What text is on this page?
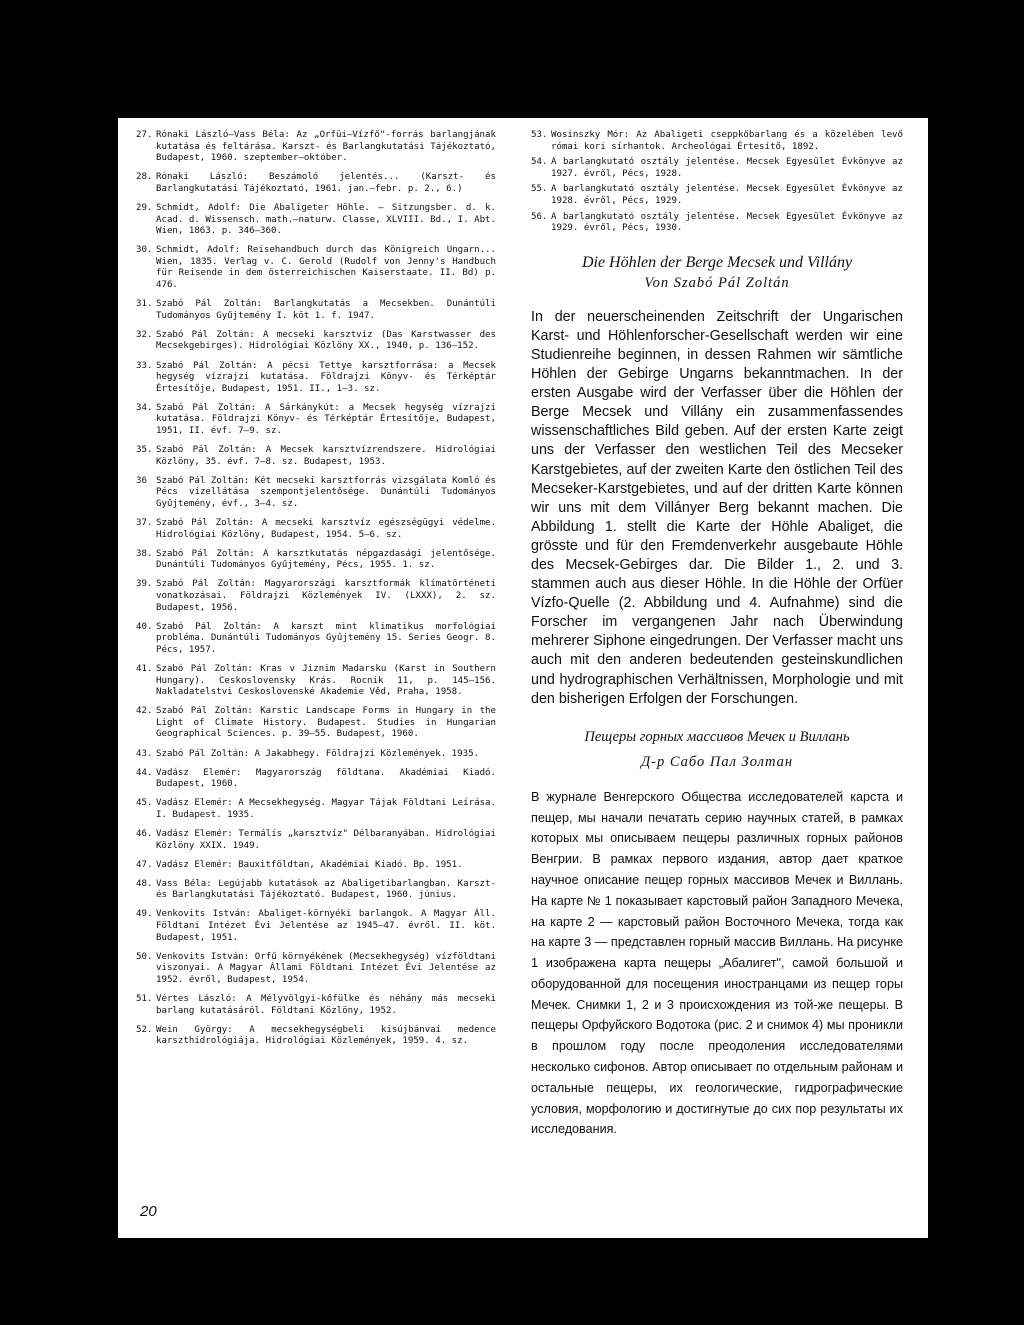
27. Rónaki László–Vass Béla: Az „Orfüi–Vízfő"-forrás barlangjának kutatása és feltárása. Karszt- és Barlangkutatási Tájékoztató, Budapest, 1960. szeptember–október.
28. Rónaki László: Beszámoló jelentés... (Karszt- és Barlangkutatási Tájékoztató, 1961. jan.–febr. p. 2., 6.)
29. Schmidt, Adolf: Die Abaligeter Höhle. – Sitzungsber. d. k. Acad. d. Wissensch. math.–naturw. Classe, XLVIII. Bd., I. Abt. Wien, 1863. p. 346–360.
30. Schmidt, Adolf: Reisehandbuch durch das Königreich Ungarn... Wien, 1835. Verlag v. C. Gerold (Rudolf von Jenny's Handbuch für Reisende in dem österreichischen Kaiserstaate. II. Bd) p. 476.
31. Szabó Pál Zoltán: Barlangkutatás a Mecsekben. Dunántúli Tudományos Gyűjtemény I. köt 1. f. 1947.
32. Szabó Pál Zoltán: A mecseki karsztvíz (Das Karstwasser des Mecsekgebirges). Hidrológiai Közlöny XX., 1940, p. 136–152.
33. Szabó Pál Zoltán: A pécsi Tettye karsztforrása: a Mecsek hegység vízrajzi kutatása. Földrajzi Könyv- és Térképtár Értesítője, Budapest, 1951. II., 1–3. sz.
34. Szabó Pál Zoltán: A Sárkánykút: a Mecsek hegység vízrajzi kutatása. Földrajzi Könyv- és Térképtár Értesítője, Budapest, 1951, II. évf. 7–9. sz.
35. Szabó Pál Zoltán: A Mecsek karsztvízrendszere. Hidrológiai Közlöny, 35. évf. 7–8. sz. Budapest, 1953.
36 Szabó Pál Zoltán: Két mecseki karsztforrás vizsgálata Komló és Pécs vízellátása szempontjelentősége. Dunántúli Tudományos Gyűjtemény, évf., 3–4. sz.
37. Szabó Pál Zoltán: A mecseki karsztvíz egészségügyi védelme. Hidrológiai Közlöny, Budapest, 1954. 5–6. sz.
38. Szabó Pál Zoltán: A karsztkutatás népgazdasági jelentősége. Dunántúli Tudományos Gyűjtemény, Pécs, 1955. 1. sz.
39. Szabó Pál Zoltán: Magyarországi karsztformák klímatörténeti vonatkozásai. Földrajzi Közlemények IV. (LXXX), 2. sz. Budapest, 1956.
40. Szabó Pál Zoltán: A karszt mint klimatikus morfológiai probléma. Dunántúli Tudományos Gyűjtemény 15. Series Geogr. 8. Pécs, 1957.
41. Szabó Pál Zoltán: Kras v Jiznim Madarsku (Karst in Southern Hungary). Ceskoslovensky Krás. Rocnik 11, p. 145–156. Nakladatelstvi Ceskoslovenské Akademie Věd, Praha, 1958.
42. Szabó Pál Zoltán: Karstic Landscape Forms in Hungary in the Light of Climate History. Budapest. Studies in Hungarian Geographical Sciences. p. 39–55. Budapest, 1960.
43. Szabó Pál Zoltán: A Jakabhegy. Földrajzi Közlemények. 1935.
44. Vadász Elemér: Magyarország földtana. Akadémiai Kiadó. Budapest, 1960.
45. Vadász Elemér: A Mecsekhegység. Magyar Tájak Földtani Leírása. I. Budapest. 1935.
46. Vadász Elemér: Termális „karsztvíz" Délbaranyában. Hidrológiai Közlöny XXIX. 1949.
47. Vadász Elemér: Bauxitföldtan, Akadémiai Kiadó. Bp. 1951.
48. Vass Béla: Legújabb kutatások az Abaligetibarlangban. Karszt- és Barlangkutatási Tájékoztató. Budapest, 1960. június.
49. Venkovits István: Abaliget-környéki barlangok. A Magyar Áll. Földtani Intézet Évi Jelentése az 1945–47. évről. II. köt. Budapest, 1951.
50. Venkovits István: Orfű környékének (Mecsekhegység) vízföldtani viszonyai. A Magyar Állami Földtani Intézet Évi Jelentése az 1952. évről, Budapest, 1954.
51. Vértes László: A Mélyvölgyi-kőfülke és néhány más mecseki barlang kutatásáról. Földtani Közlöny, 1952.
52. Wein György: A mecsekhegységbeli kisújbánvai medence karszthidrológiája. Hidrológiai Közlemények, 1959. 4. sz.
53. Wosinszky Mór: Az Abaligeti cseppkőbarlang és a közelében levő római kori sírhantok. Archeológai Értesítő, 1892.
54. A barlangkutató osztály jelentése. Mecsek Egyesület Évkönyve az 1927. évről, Pécs, 1928.
55. A barlangkutató osztály jelentése. Mecsek Egyesület Évkönyve az 1928. évről, Pécs, 1929.
56. A barlangkutató osztály jelentése. Mecsek Egyesület Évkönyve az 1929. évről, Pécs, 1930.
Die Höhlen der Berge Mecsek und Villány
Von Szabó Pál Zoltán
In der neuerscheinenden Zeitschrift der Ungarischen Karst- und Höhlenforscher-Gesellschaft werden wir eine Studienreihe beginnen, in dessen Rahmen wir sämtliche Höhlen der Gebirge Ungarns bekanntmachen. In der ersten Ausgabe wird der Verfasser über die Höhlen der Berge Mecsek und Villány ein zusammenfassendes wissenschaftliches Bild geben. Auf der ersten Karte zeigt uns der Verfasser den westlichen Teil des Mecseker Karstgebietes, auf der zweiten Karte den östlichen Teil des Mecseker-Karstgebietes, und auf der dritten Karte können wir uns mit dem Villányer Berg bekannt machen. Die Abbildung 1. stellt die Karte der Höhle Abaliget, die grösste und für den Fremdenverkehr ausgebaute Höhle des Mecsek-Gebirges dar. Die Bilder 1., 2. und 3. stammen auch aus dieser Höhle. In die Höhle der Orfüer Vízfo-Quelle (2. Abbildung und 4. Aufnahme) sind die Forscher im vergangenen Jahr nach Überwindung mehrerer Siphone eingedrungen. Der Verfasser macht uns auch mit den anderen bedeutenden gesteinskundlichen und hydrographischen Verhältnissen, Morphologie und mit den bisherigen Erfolgen der Forschungen.
Пещеры горных массивов Мечек и Виллань
Д-р Сабо Пал Золтан
В журнале Венгерского Общества исследователей карста и пещер, мы начали печатать серию научных статей, в рамках которых мы описываем пещеры различных горных районов Венгрии. В рамках первого издания, автор дает краткое научное описание пещер горных массивов Мечек и Виллань. На карте № 1 показывает карстовый район Западного Мечека, на карте 2 — карстовый район Восточного Мечека, тогда как на карте 3 — представлен горный массив Виллань. На рисунке 1 изображена карта пещеры „Абалигет", самой большой и оборудованной для посещения иностранцами из пещер горы Мечек. Снимки 1, 2 и 3 происхождения из той-же пещеры. В пещеры Орфуйского Водотока (рис. 2 и снимок 4) мы проникли в прошлом году после преодоления исследователями несколько сифонов. Автор описывает по отдельным районам и остальные пещеры, их геологические, гидрографические условия, морфологию и достигнутые до сих пор результаты их исследования.
20
